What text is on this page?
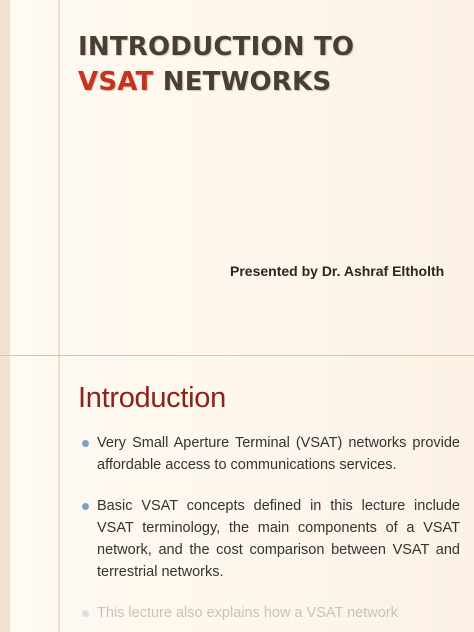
INTRODUCTION TO
VSAT NETWORKS
Presented by Dr. Ashraf Eltholth
Introduction
Very Small Aperture Terminal (VSAT) networks provide affordable access to communications services.
Basic VSAT concepts defined in this lecture include VSAT terminology, the main components of a VSAT network, and the cost comparison between VSAT and terrestrial networks.
This lecture also explains how a VSAT network
